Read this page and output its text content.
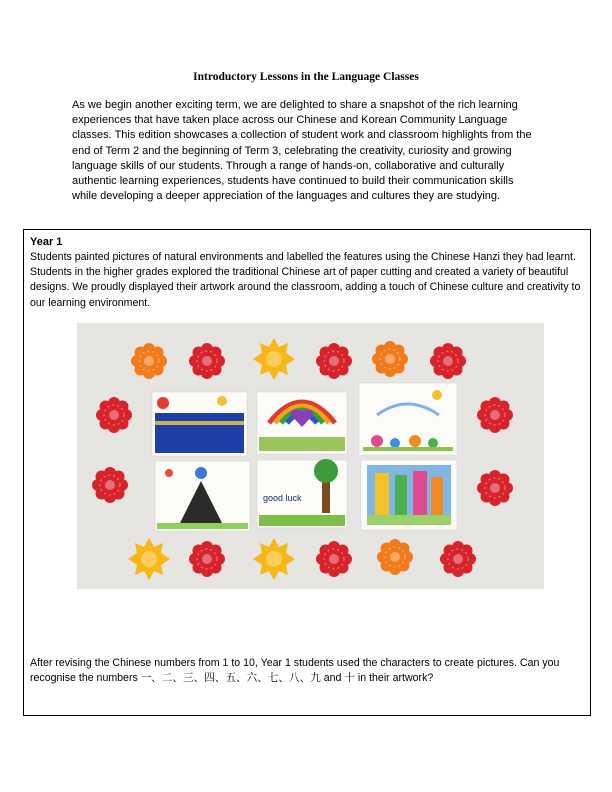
Introductory Lessons in the Language Classes
As we begin another exciting term, we are delighted to share a snapshot of the rich learning experiences that have taken place across our Chinese and Korean Community Language classes. This edition showcases a collection of student work and classroom highlights from the end of Term 2 and the beginning of Term 3, celebrating the creativity, curiosity and growing language skills of our students. Through a range of hands-on, collaborative and culturally authentic learning experiences, students have continued to build their communication skills while developing a deeper appreciation of the languages and cultures they are studying.
Year 1
Students painted pictures of natural environments and labelled the features using the Chinese Hanzi they had learnt. Students in the higher grades explored the traditional Chinese art of paper cutting and created a variety of beautiful designs. We proudly displayed their artwork around the classroom, adding a touch of Chinese culture and creativity to our learning environment.
good luck
After revising the Chinese numbers from 1 to 10, Year 1 students used the characters to create pictures. Can you recognise the numbers 一、二、三、四、五、六、七、八、九 and 十 in their artwork?
